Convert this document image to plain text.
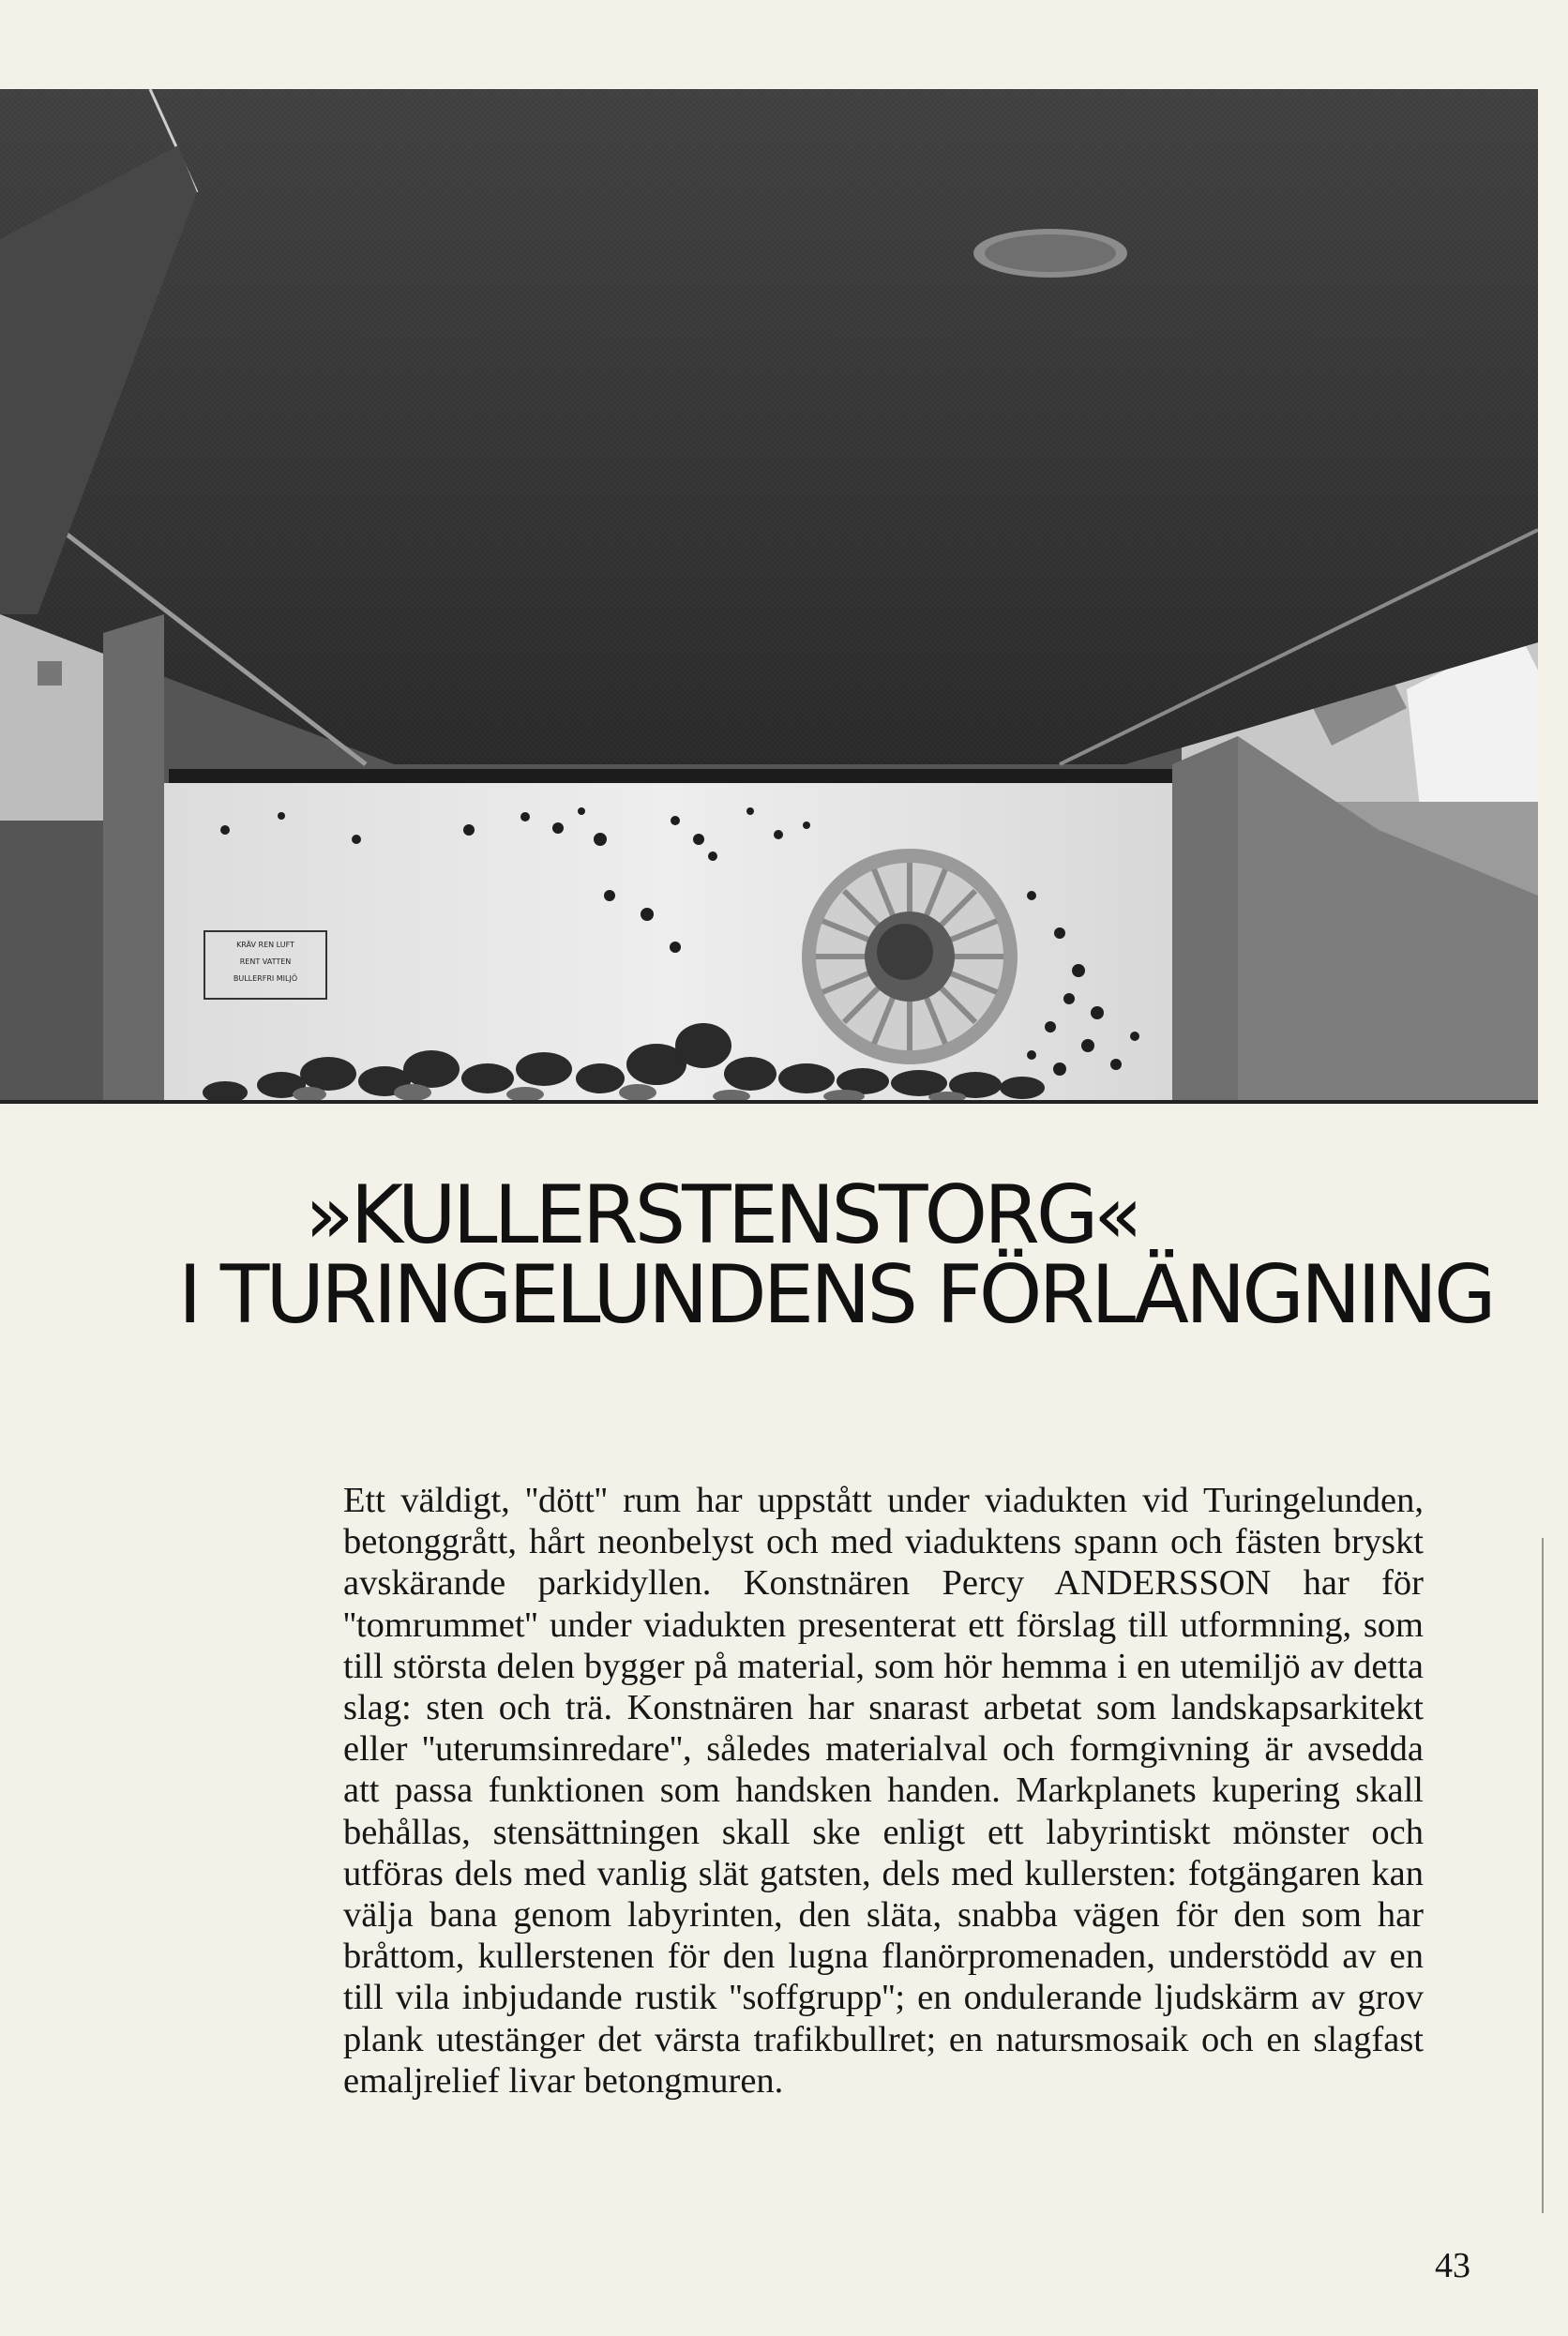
KRÄV REN LUFT
RENT VATTEN
BULLERFRI MILJÖ
»KULLERSTENSTORG«
I TURINGELUNDENS FÖRLÄNGNING

Ett väldigt, ''dött'' rum har uppstått under viadukten vid Turingelunden, betonggrått, hårt neonbelyst och med viaduktens spann och fästen bryskt avskärande parkidyllen. Konstnären Percy ANDERSSON har för ''tomrummet'' under viadukten presenterat ett förslag till utformning, som till största delen bygger på material, som hör hemma i en utemiljö av detta slag: sten och trä. Konstnären har snarast arbetat som landskapsarkitekt eller ''uterumsinredare'', således materialval och formgivning är avsedda att passa funktionen som handsken handen. Markplanets kupering skall behållas, stensättningen skall ske enligt ett labyrintiskt mönster och utföras dels med vanlig slät gatsten, dels med kullersten: fotgängaren kan välja bana genom labyrinten, den släta, snabba vägen för den som har bråttom, kullerstenen för den lugna flanörpromenaden, understödd av en till vila inbjudande rustik ''soffgrupp''; en ondulerande ljudskärm av grov plank utestänger det värsta trafikbullret; en natursmosaik och en slagfast emaljrelief livar betongmuren.

43
